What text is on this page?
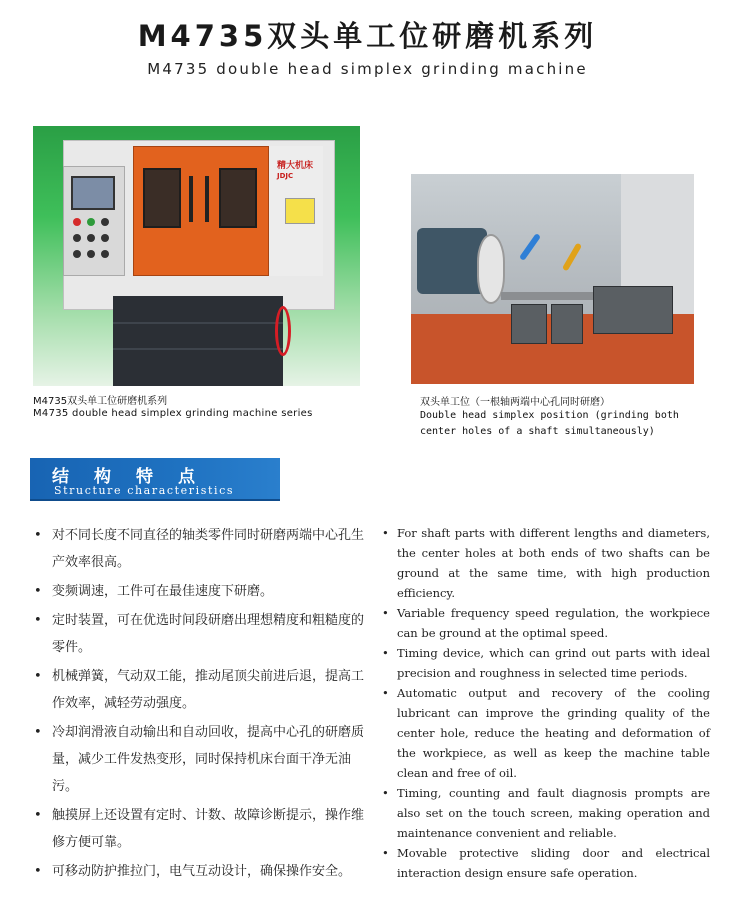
M4735双头单工位研磨机系列
M4735 double head simplex grinding machine
精大机床
JDJC
M4735双头单工位研磨机系列
M4735 double head simplex grinding machine series
双头单工位（一根轴两端中心孔同时研磨）
Double head simplex position (grinding both center holes of a shaft simultaneously)
结构特点
Structure characteristics
• 对不同长度不同直径的轴类零件同时研磨两端中心孔生产效率很高。
• 变频调速，工件可在最佳速度下研磨。
• 定时装置，可在优选时间段研磨出理想精度和粗糙度的零件。
• 机械弹簧，气动双工能，推动尾顶尖前进后退，提高工作效率，减轻劳动强度。
• 冷却润滑液自动输出和自动回收，提高中心孔的研磨质量，减少工件发热变形，同时保持机床台面干净无油污。
• 触摸屏上还设置有定时、计数、故障诊断提示，操作维修方便可靠。
• 可移动防护推拉门，电气互动设计，确保操作安全。
• For shaft parts with different lengths and diameters, the center holes at both ends of two shafts can be ground at the same time, with high production efficiency.
• Variable frequency speed regulation, the workpiece can be ground at the optimal speed.
• Timing device, which can grind out parts with ideal precision and roughness in selected time periods.
• Automatic output and recovery of the cooling lubricant can improve the grinding quality of the center hole, reduce the heating and deformation of the workpiece, as well as keep the machine table clean and free of oil.
• Timing, counting and fault diagnosis prompts are also set on the touch screen, making operation and maintenance convenient and reliable.
• Movable protective sliding door and electrical interaction design ensure safe operation.
